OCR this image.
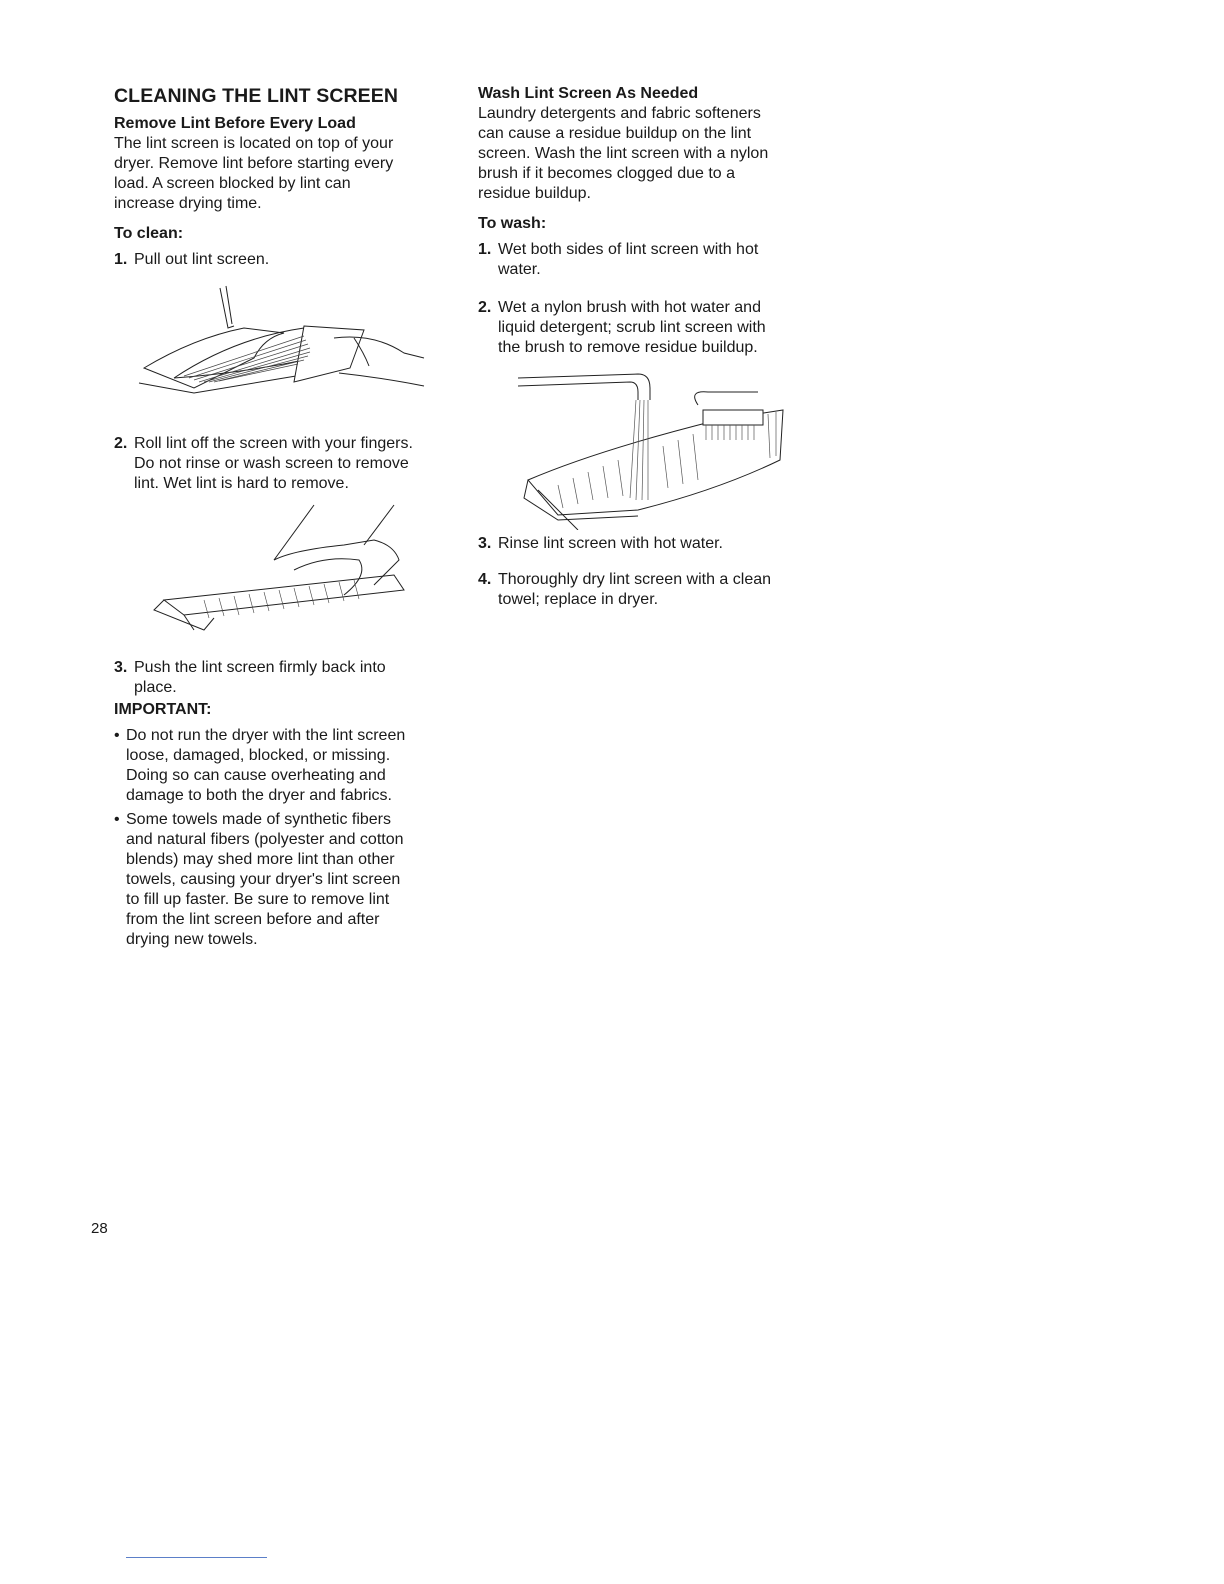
CLEANING THE LINT SCREEN
Remove Lint Before Every Load

The lint screen is located on top of your
dryer. Remove lint before starting every
load. A screen blocked by lint can
increase drying time.

To clean:
1. Pull out lint screen.
2. Roll lint off the screen with your fingers.
Do not rinse or wash screen to remove
lint. Wet lint is hard to remove.
3. Push the lint screen firmly back into
place.
IMPORTANT:
• Do not run the dryer with the lint screen
loose, damaged, blocked, or missing.
Doing so can cause overheating and
damage to both the dryer and fabrics.
• Some towels made of synthetic fibers
and natural fibers (polyester and cotton
blends) may shed more lint than other
towels, causing your dryer's lint screen
to fill up faster. Be sure to remove lint
from the lint screen before and after
drying new towels.
Wash Lint Screen As Needed

Laundry detergents and fabric softeners
can cause a residue buildup on the lint
screen. Wash the lint screen with a nylon
brush if it becomes clogged due to a
residue buildup.

To wash:
1. Wet both sides of lint screen with hot
water.
2. Wet a nylon brush with hot water and
liquid detergent; scrub lint screen with
the brush to remove residue buildup.
3. Rinse lint screen with hot water.
4. Thoroughly dry lint screen with a clean
towel; replace in dryer.
28
